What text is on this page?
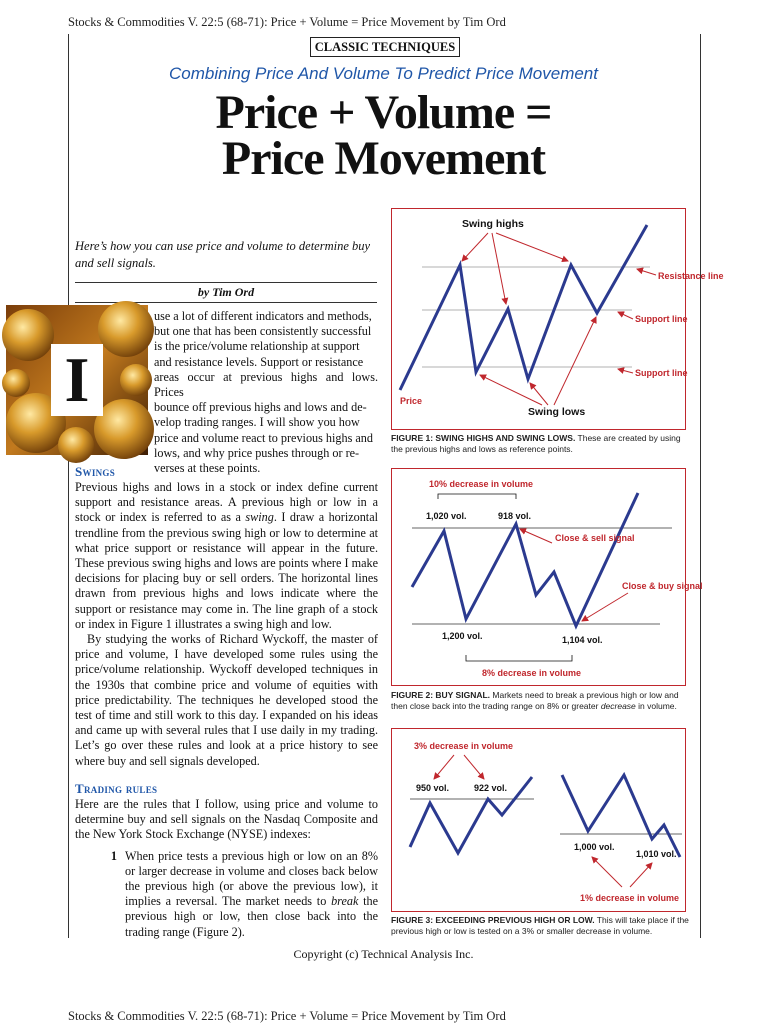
Stocks & Commodities V. 22:5 (68-71): Price + Volume = Price Movement by Tim Ord
CLASSIC TECHNIQUES
Combining Price And Volume To Predict Price Movement
Price + Volume =
Price Movement
Here’s how you can use price and volume to determine buy and sell signals.
by Tim Ord
I
use a lot of different indicators and methods,
but one that has been consistently successful
is the price/volume relationship at support
and resistance levels. Support or resistance
areas occur at previous highs and lows. Prices
bounce off previous highs and lows and de-
velop trading ranges. I will show you how
price and volume react to previous highs and
lows, and why price pushes through or re-
verses at these points.
Swings
Previous highs and lows in a stock or index define current support and resistance areas. A previous high or low in a stock or index is referred to as a swing. I draw a horizontal trendline from the previous swing high or low to determine at what price support or resistance will appear in the future. These previous swing highs and lows are points where I make decisions for placing buy or sell orders. The horizontal lines drawn from previous highs and lows indicate where the support or resistance may come in. The line graph of a stock or index in Figure 1 illustrates a swing high and low.
By studying the works of Richard Wyckoff, the master of price and volume, I have developed some rules using the price/volume relationship. Wyckoff developed techniques in the 1930s that combine price and volume of equities with price predictability. The techniques he developed stood the test of time and still work to this day. I expanded on his ideas and came up with several rules that I use daily in my trading. Let’s go over these rules and look at a price history to see where buy and sell signals developed.
Trading rules
Here are the rules that I follow, using price and volume to determine buy and sell signals on the Nasdaq Composite and the New York Stock Exchange (NYSE) indexes:
1 When price tests a previous high or low on an 8% or larger decrease in volume and closes back below the previous high (or above the previous low), it implies a reversal. The market needs to break the previous high or low, then close back into the trading range (Figure 2).
Swing highs
Swing lows
Resistance line
Support line
Support line
Price
FIGURE 1: SWING HIGHS AND SWING LOWS. These are created by using the previous highs and lows as reference points.
10% decrease in volume
1,020 vol.	918 vol.
Close & sell signal
Close & buy signal
1,200 vol.	1,104 vol.
8% decrease in volume
FIGURE 2: BUY SIGNAL. Markets need to break a previous high or low and then close back into the trading range on 8% or greater decrease in volume.
3% decrease in volume
950 vol.	922 vol.
1,000 vol.
1,010 vol.
1% decrease in volume
FIGURE 3: EXCEEDING PREVIOUS HIGH OR LOW. This will take place if the previous high or low is tested on a 3% or smaller decrease in volume.
Copyright (c) Technical Analysis Inc.
Stocks & Commodities V. 22:5 (68-71): Price + Volume = Price Movement by Tim Ord
